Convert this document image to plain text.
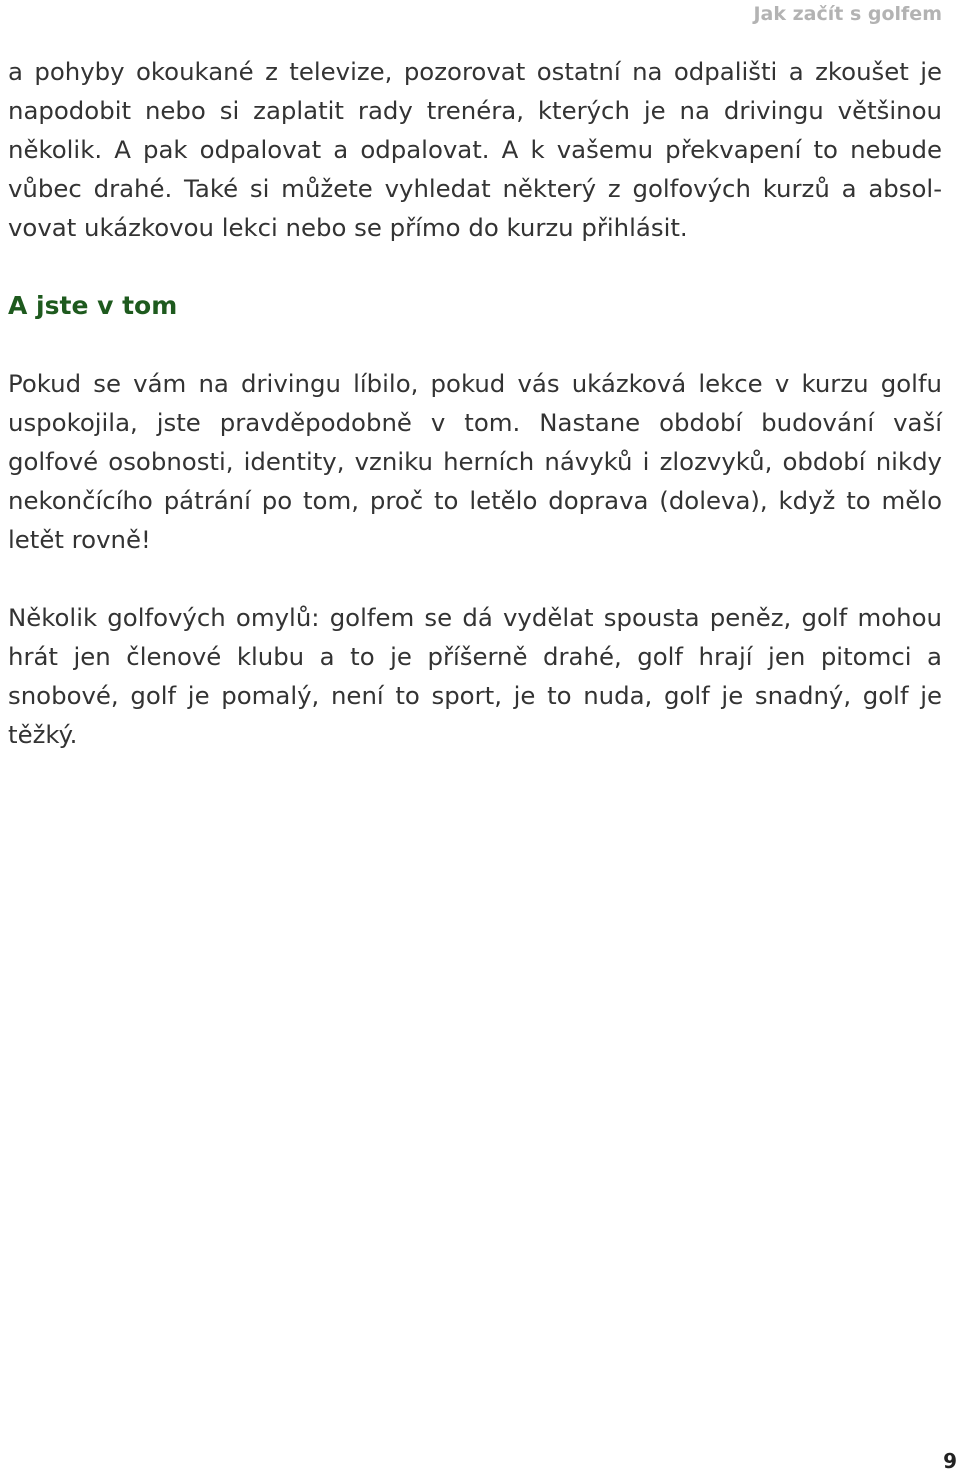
Jak začít s golfem

a pohyby okoukané z televize, pozorovat ostatní na odpališti a zkoušet je napodobit nebo si zaplatit rady trenéra, kterých je na drivingu většinou několik. A pak odpalovat a odpalovat. A k vašemu překvapení to nebude vůbec drahé. Také si můžete vyhledat některý z golfových kurzů a absolvovat ukázkovou lekci nebo se přímo do kurzu přihlásit.

A jste v tom

Pokud se vám na drivingu líbilo, pokud vás ukázková lekce v kurzu golfu uspokojila, jste pravděpodobně v tom. Nastane období budování vaší golfové osobnosti, identity, vzniku herních návyků i zlozvyků, období nikdy nekončícího pátrání po tom, proč to letělo doprava (doleva), když to mělo letět rovně!

Několik golfových omylů: golfem se dá vydělat spousta peněz, golf mohou hrát jen členové klubu a to je příšerně drahé, golf hrají jen pitomci a snobové, golf je pomalý, není to sport, je to nuda, golf je snadný, golf je těžký.

9
